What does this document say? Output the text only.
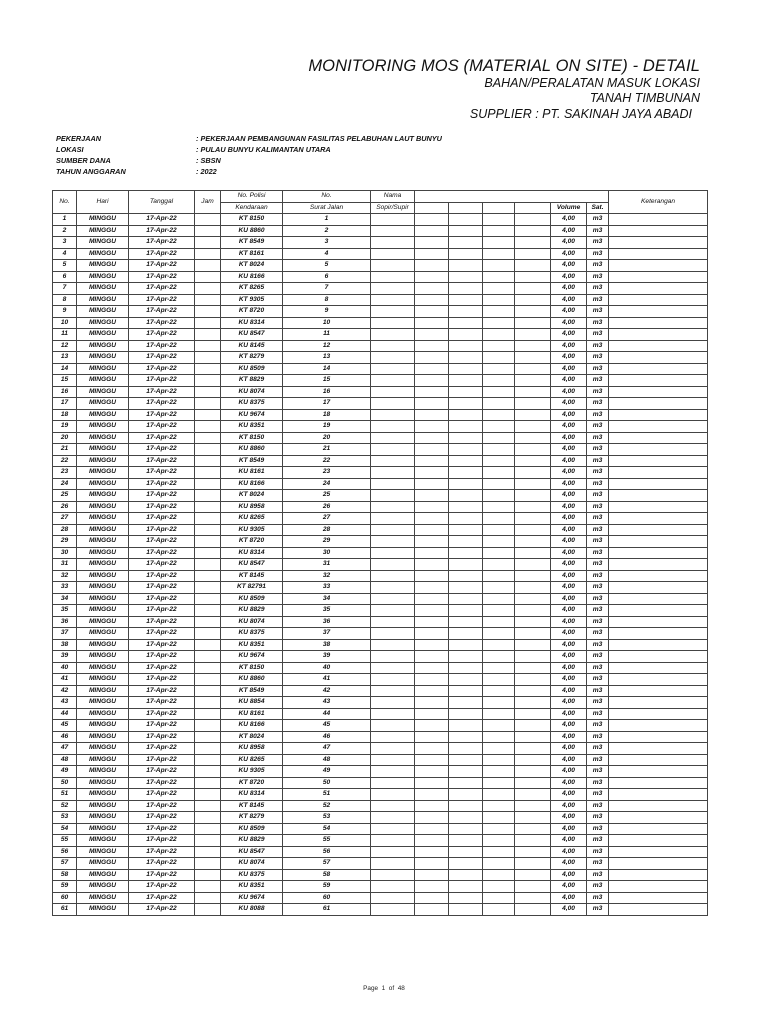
MONITORING MOS (MATERIAL ON SITE) - DETAIL
BAHAN/PERALATAN MASUK LOKASI
TANAH TIMBUNAN
SUPPLIER : PT. SAKINAH JAYA ABADI
PEKERJAAN	: PEKERJAAN PEMBANGUNAN FASILITAS PELABUHAN LAUT BUNYU
LOKASI	: PULAU BUNYU KALIMANTAN UTARA
SUMBER DANA	: SBSN
TAHUN ANGGARAN	: 2022
No.	Hari	Tanggal	Jam	No. Polisi	No.	Nama							Keterangan
				Kendaraan	Surat Jalan	Sopir/Supir					Volume	Sat.	
1	MINGGU	17-Apr-22		KT 8150	1						4,00	m3	
2	MINGGU	17-Apr-22		KU 8860	2						4,00	m3	
3	MINGGU	17-Apr-22		KT 8549	3						4,00	m3	
4	MINGGU	17-Apr-22		KT 8161	4						4,00	m3	
5	MINGGU	17-Apr-22		KT 8024	5						4,00	m3	
6	MINGGU	17-Apr-22		KU 8166	6						4,00	m3	
7	MINGGU	17-Apr-22		KT 8265	7						4,00	m3	
8	MINGGU	17-Apr-22		KT 9305	8						4,00	m3	
9	MINGGU	17-Apr-22		KT 8720	9						4,00	m3	
10	MINGGU	17-Apr-22		KU 8314	10						4,00	m3	
11	MINGGU	17-Apr-22		KU 8547	11						4,00	m3	
12	MINGGU	17-Apr-22		KU 8145	12						4,00	m3	
13	MINGGU	17-Apr-22		KT 8279	13						4,00	m3	
14	MINGGU	17-Apr-22		KU 8509	14						4,00	m3	
15	MINGGU	17-Apr-22		KT 8829	15						4,00	m3	
16	MINGGU	17-Apr-22		KU 8074	16						4,00	m3	
17	MINGGU	17-Apr-22		KU 8375	17						4,00	m3	
18	MINGGU	17-Apr-22		KU 9674	18						4,00	m3	
19	MINGGU	17-Apr-22		KU 8351	19						4,00	m3	
20	MINGGU	17-Apr-22		KT 8150	20						4,00	m3	
21	MINGGU	17-Apr-22		KU 8860	21						4,00	m3	
22	MINGGU	17-Apr-22		KT 8549	22						4,00	m3	
23	MINGGU	17-Apr-22		KU 8161	23						4,00	m3	
24	MINGGU	17-Apr-22		KU 8166	24						4,00	m3	
25	MINGGU	17-Apr-22		KT 8024	25						4,00	m3	
26	MINGGU	17-Apr-22		KU 8958	26						4,00	m3	
27	MINGGU	17-Apr-22		KU 8265	27						4,00	m3	
28	MINGGU	17-Apr-22		KU 9305	28						4,00	m3	
29	MINGGU	17-Apr-22		KT 8720	29						4,00	m3	
30	MINGGU	17-Apr-22		KU 8314	30						4,00	m3	
31	MINGGU	17-Apr-22		KU 8547	31						4,00	m3	
32	MINGGU	17-Apr-22		KT 8145	32						4,00	m3	
33	MINGGU	17-Apr-22		KT 82791	33						4,00	m3	
34	MINGGU	17-Apr-22		KU 8509	34						4,00	m3	
35	MINGGU	17-Apr-22		KU 8829	35						4,00	m3	
36	MINGGU	17-Apr-22		KU 8074	36						4,00	m3	
37	MINGGU	17-Apr-22		KU 8375	37						4,00	m3	
38	MINGGU	17-Apr-22		KU 8351	38						4,00	m3	
39	MINGGU	17-Apr-22		KU 9674	39						4,00	m3	
40	MINGGU	17-Apr-22		KT 8150	40						4,00	m3	
41	MINGGU	17-Apr-22		KU 8860	41						4,00	m3	
42	MINGGU	17-Apr-22		KT 8549	42						4,00	m3	
43	MINGGU	17-Apr-22		KU 8854	43						4,00	m3	
44	MINGGU	17-Apr-22		KU 8161	44						4,00	m3	
45	MINGGU	17-Apr-22		KU 8166	45						4,00	m3	
46	MINGGU	17-Apr-22		KT 8024	46						4,00	m3	
47	MINGGU	17-Apr-22		KU 8958	47						4,00	m3	
48	MINGGU	17-Apr-22		KU 8265	48						4,00	m3	
49	MINGGU	17-Apr-22		KU 9305	49						4,00	m3	
50	MINGGU	17-Apr-22		KT 8720	50						4,00	m3	
51	MINGGU	17-Apr-22		KU 8314	51						4,00	m3	
52	MINGGU	17-Apr-22		KT 8145	52						4,00	m3	
53	MINGGU	17-Apr-22		KT 8279	53						4,00	m3	
54	MINGGU	17-Apr-22		KU 8509	54						4,00	m3	
55	MINGGU	17-Apr-22		KU 8829	55						4,00	m3	
56	MINGGU	17-Apr-22		KU 8547	56						4,00	m3	
57	MINGGU	17-Apr-22		KU 8074	57						4,00	m3	
58	MINGGU	17-Apr-22		KU 8375	58						4,00	m3	
59	MINGGU	17-Apr-22		KU 8351	59						4,00	m3	
60	MINGGU	17-Apr-22		KU 9674	60						4,00	m3	
61	MINGGU	17-Apr-22		KU 8088	61						4,00	m3	
Page 1 of 48
